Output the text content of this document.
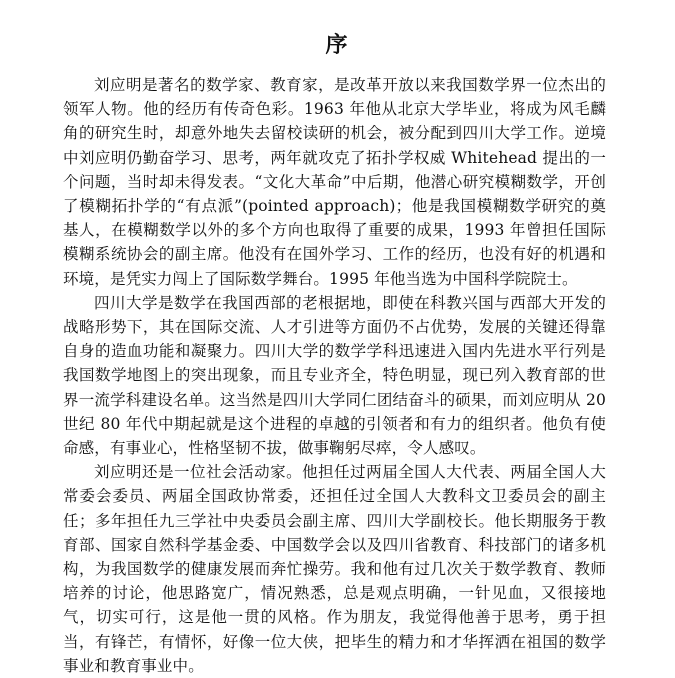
序

刘应明是著名的数学家、教育家，是改革开放以来我国数学界一位杰出的领军人物。他的经历有传奇色彩。1963 年他从北京大学毕业，将成为风毛麟角的研究生时，却意外地失去留校读研的机会，被分配到四川大学工作。逆境中刘应明仍勤奋学习、思考，两年就攻克了拓扑学权威 Whitehead 提出的一个问题，当时却未得发表。“文化大革命”中后期，他潜心研究模糊数学，开创了模糊拓扑学的“有点派”(pointed approach)；他是我国模糊数学研究的奠基人，在模糊数学以外的多个方向也取得了重要的成果，1993 年曾担任国际模糊系统协会的副主席。他没有在国外学习、工作的经历，也没有好的机遇和环境，是凭实力闯上了国际数学舞台。1995 年他当选为中国科学院院士。

四川大学是数学在我国西部的老根据地，即使在科教兴国与西部大开发的战略形势下，其在国际交流、人才引进等方面仍不占优势，发展的关键还得靠自身的造血功能和凝聚力。四川大学的数学学科迅速进入国内先进水平行列是我国数学地图上的突出现象，而且专业齐全，特色明显，现已列入教育部的世界一流学科建设名单。这当然是四川大学同仁团结奋斗的硕果，而刘应明从 20 世纪 80 年代中期起就是这个进程的卓越的引领者和有力的组织者。他负有使命感，有事业心，性格坚韧不拔，做事鞠躬尽瘁，令人感叹。

刘应明还是一位社会活动家。他担任过两届全国人大代表、两届全国人大常委会委员、两届全国政协常委，还担任过全国人大教科文卫委员会的副主任；多年担任九三学社中央委员会副主席、四川大学副校长。他长期服务于教育部、国家自然科学基金委、中国数学会以及四川省教育、科技部门的诸多机构，为我国数学的健康发展而奔忙操劳。我和他有过几次关于数学教育、教师培养的讨论，他思路宽广，情况熟悉，总是观点明确，一针见血，又很接地气，切实可行，这是他一贯的风格。作为朋友，我觉得他善于思考，勇于担当，有锋芒，有情怀，好像一位大侠，把毕生的精力和才华挥洒在祖国的数学事业和教育事业中。
